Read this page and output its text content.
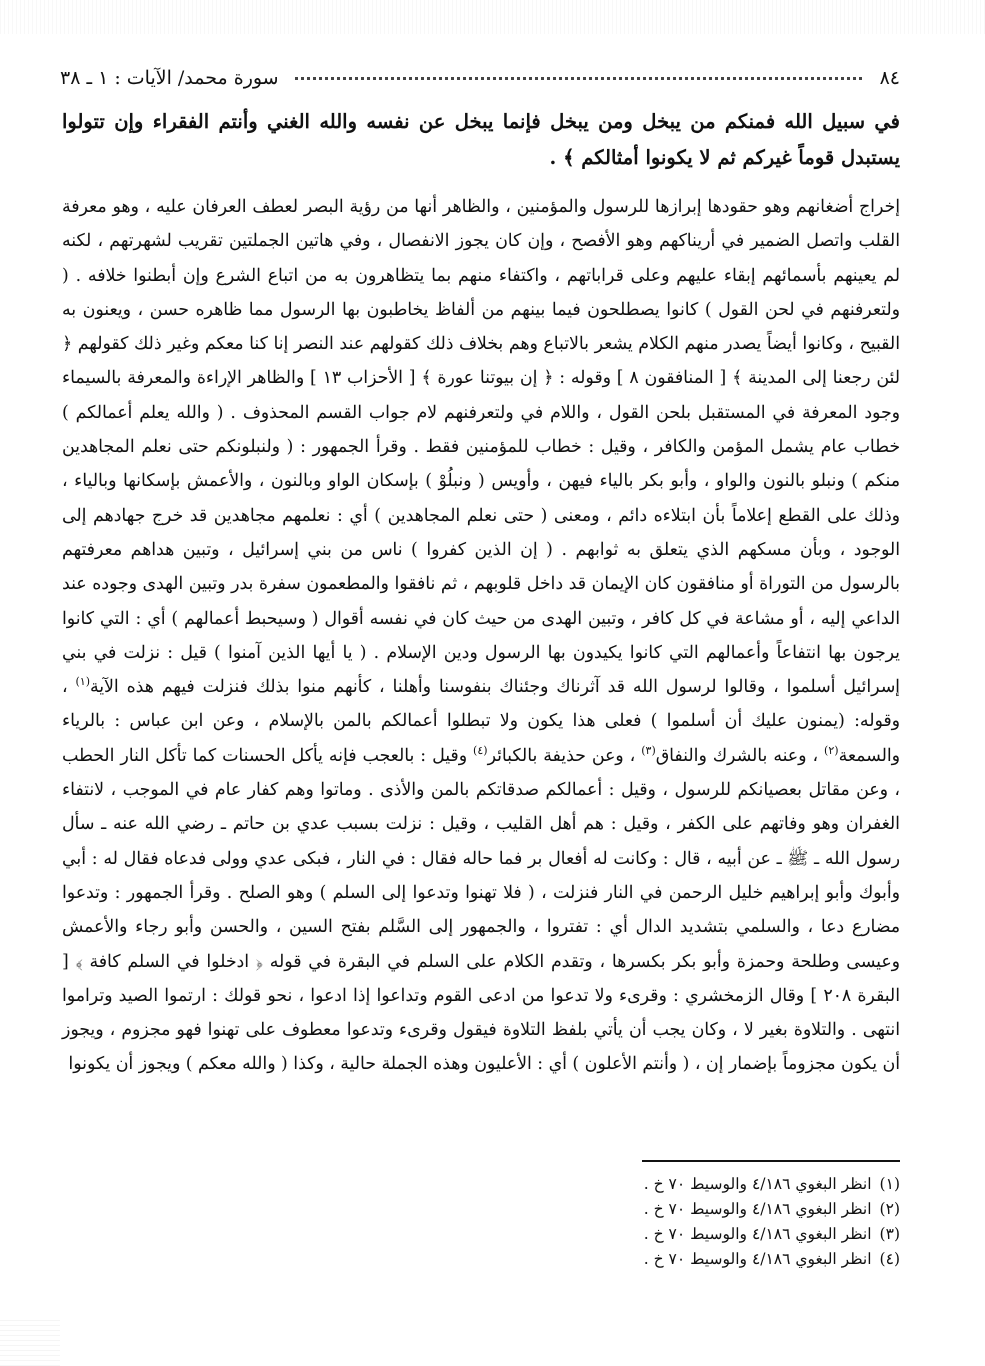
٨٤
سورة محمد/ الآيات : ١ ـ ٣٨
في سبيل الله فمنكم من يبخل ومن يبخل فإنما يبخل عن نفسه والله الغني وأنتم الفقراء وإن تتولوا يستبدل قوماً غيركم ثم لا يكونوا أمثالكم ﴾ .

إخراج أضغانهم وهو حقودها إبرازها للرسول والمؤمنين ، والظاهر أنها من رؤية البصر لعطف العرفان عليه ، وهو معرفة القلب واتصل الضمير في أريناكهم وهو الأفصح ، وإن كان يجوز الانفصال ، وفي هاتين الجملتين تقريب لشهرتهم ، لكنه لم يعينهم بأسمائهم إبقاء عليهم وعلى قراباتهم ، واكتفاء منهم بما يتظاهرون به من اتباع الشرع وإن أبطنوا خلافه . ( ولتعرفنهم في لحن القول ) كانوا يصطلحون فيما بينهم من ألفاظ يخاطبون بها الرسول مما ظاهره حسن ، ويعنون به القبيح ، وكانوا أيضاً يصدر منهم الكلام يشعر بالاتباع وهم بخلاف ذلك كقولهم عند النصر إنا كنا معكم وغير ذلك كقولهم ﴿ لئن رجعنا إلى المدينة ﴾ [ المنافقون ٨ ] وقوله : ﴿ إن بيوتنا عورة ﴾ [ الأحزاب ١٣ ] والظاهر الإراءة والمعرفة بالسيماء وجود المعرفة في المستقبل بلحن القول ، واللام في ولتعرفنهم لام جواب القسم المحذوف . ( والله يعلم أعمالكم ) خطاب عام يشمل المؤمن والكافر ، وقيل : خطاب للمؤمنين فقط . وقرأ الجمهور : ( ولنبلونكم حتى نعلم المجاهدين منكم ) ونبلو بالنون والواو ، وأبو بكر بالياء فيهن ، وأويس ( ونبلُوْ ) بإسكان الواو وبالنون ، والأعمش بإسكانها وبالياء ، وذلك على القطع إعلاماً بأن ابتلاءه دائم ، ومعنى ( حتى نعلم المجاهدين ) أي : نعلمهم مجاهدين قد خرج جهادهم إلى الوجود ، وبأن مسكهم الذي يتعلق به ثوابهم . ( إن الذين كفروا ) ناس من بني إسرائيل ، وتبين هداهم معرفتهم بالرسول من التوراة أو منافقون كان الإيمان قد داخل قلوبهم ، ثم نافقوا والمطعمون سفرة بدر وتبين الهدى وجوده عند الداعي إليه ، أو مشاعة في كل كافر ، وتبين الهدى من حيث كان في نفسه أقوال ( وسيحبط أعمالهم ) أي : التي كانوا يرجون بها انتفاعاً وأعمالهم التي كانوا يكيدون بها الرسول ودين الإسلام . ( يا أيها الذين آمنوا ) قيل : نزلت في بني إسرائيل أسلموا ، وقالوا لرسول الله قد آثرناك وجئناك بنفوسنا وأهلنا ، كأنهم منوا بذلك فنزلت فيهم هذه الآية$^{(١)}$ ، وقوله: (يمنون عليك أن أسلموا ) فعلى هذا يكون ولا تبطلوا أعمالكم بالمن بالإسلام ، وعن ابن عباس : بالرياء والسمعة$^{(٢)}$ ، وعنه بالشرك والنفاق$^{(٣)}$ ، وعن حذيفة بالكبائر$^{(٤)}$ وقيل : بالعجب فإنه يأكل الحسنات كما تأكل النار الحطب ، وعن مقاتل بعصيانكم للرسول ، وقيل : أعمالكم صدقاتكم بالمن والأذى . وماتوا وهم كفار عام في الموجب ، لانتفاء الغفران وهو وفاتهم على الكفر ، وقيل : هم أهل القليب ، وقيل : نزلت بسبب عدي بن حاتم ـ رضي الله عنه ـ سأل رسول الله ـ ﷺ ـ عن أبيه ، قال : وكانت له أفعال بر فما حاله فقال : في النار ، فبكى عدي وولى فدعاه فقال له : أبي وأبوك وأبو إبراهيم خليل الرحمن في النار فنزلت ، ( فلا تهنوا وتدعوا إلى السلم ) وهو الصلح . وقرأ الجمهور : وتدعوا مضارع دعا ، والسلمي بتشديد الدال أي : تفتروا ، والجمهور إلى السَّلم بفتح السين ، والحسن وأبو رجاء والأعمش وعيسى وطلحة وحمزة وأبو بكر بكسرها ، وتقدم الكلام على السلم في البقرة في قوله ﴿ ادخلوا في السلم كافة ﴾ [ البقرة ٢٠٨ ] وقال الزمخشري : وقرىء ولا تدعوا من ادعى القوم وتداعوا إذا ادعوا ، نحو قولك : ارتموا الصيد وتراموا انتهى . والتلاوة بغير لا ، وكان يجب أن يأتي بلفظ التلاوة فيقول وقرىء وتدعوا معطوف على تهنوا فهو مجزوم ، ويجوز أن يكون مجزوماً بإضمار إن ، ( وأنتم الأعلون ) أي : الأعليون وهذه الجملة حالية ، وكذا ( والله معكم ) ويجوز أن يكونوا

(١)انظر البغوي ٤/١٨٦ والوسيط ٧٠ خ .
(٢)انظر البغوي ٤/١٨٦ والوسيط ٧٠ خ .
(٣)انظر البغوي ٤/١٨٦ والوسيط ٧٠ خ .
(٤)انظر البغوي ٤/١٨٦ والوسيط ٧٠ خ .
